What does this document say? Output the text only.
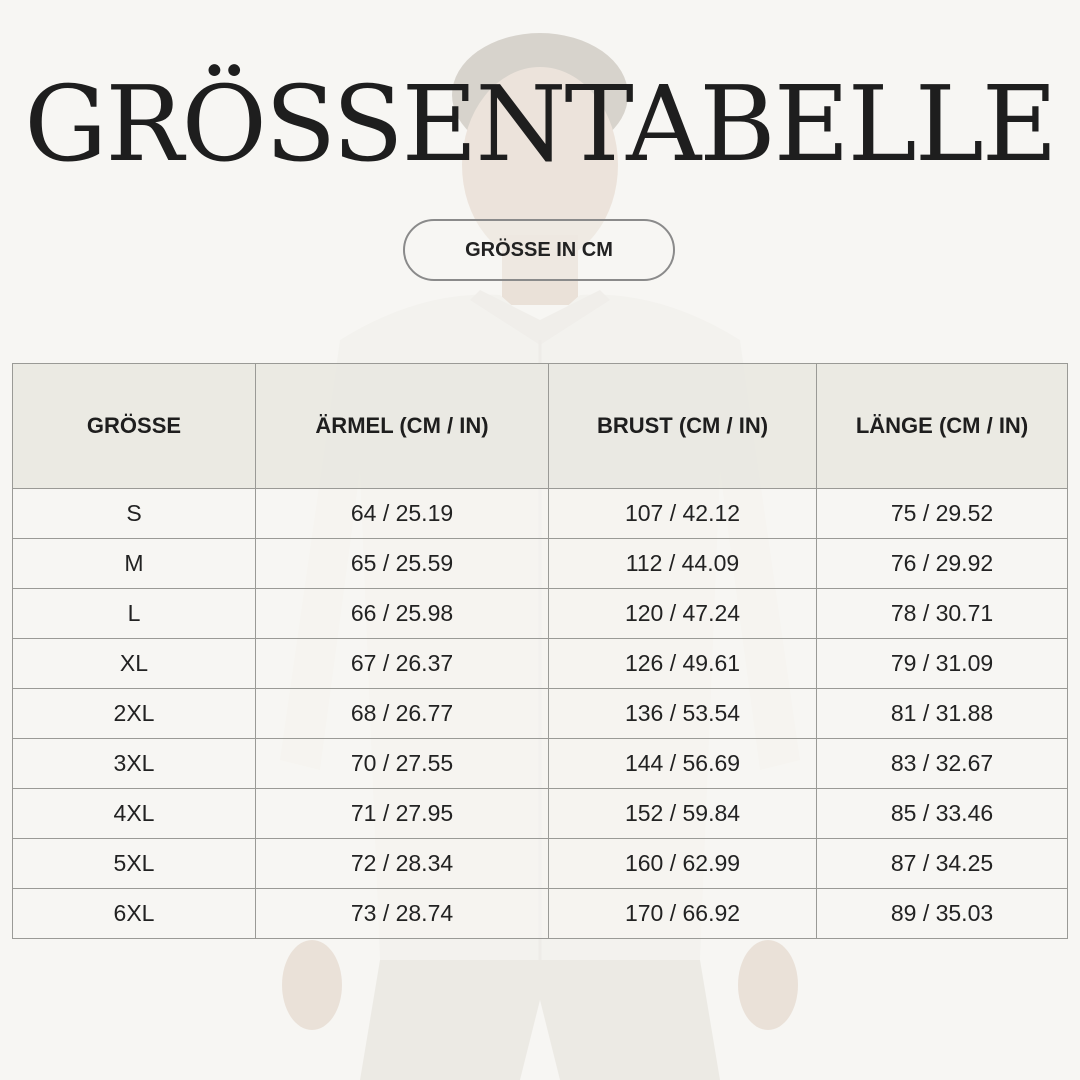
GRÖSSENTABELLE
GRÖSSE IN CM
GRÖSSE	ÄRMEL (CM / IN)	BRUST (CM / IN)	LÄNGE (CM / IN)
S	64 / 25.19	107 / 42.12	75 / 29.52
M	65 / 25.59	112 / 44.09	76 / 29.92
L	66 / 25.98	120 / 47.24	78 / 30.71
XL	67 / 26.37	126 / 49.61	79 / 31.09
2XL	68 / 26.77	136 / 53.54	81 / 31.88
3XL	70 / 27.55	144 / 56.69	83 / 32.67
4XL	71 / 27.95	152 / 59.84	85 / 33.46
5XL	72 / 28.34	160 / 62.99	87 / 34.25
6XL	73 / 28.74	170 / 66.92	89 / 35.03
